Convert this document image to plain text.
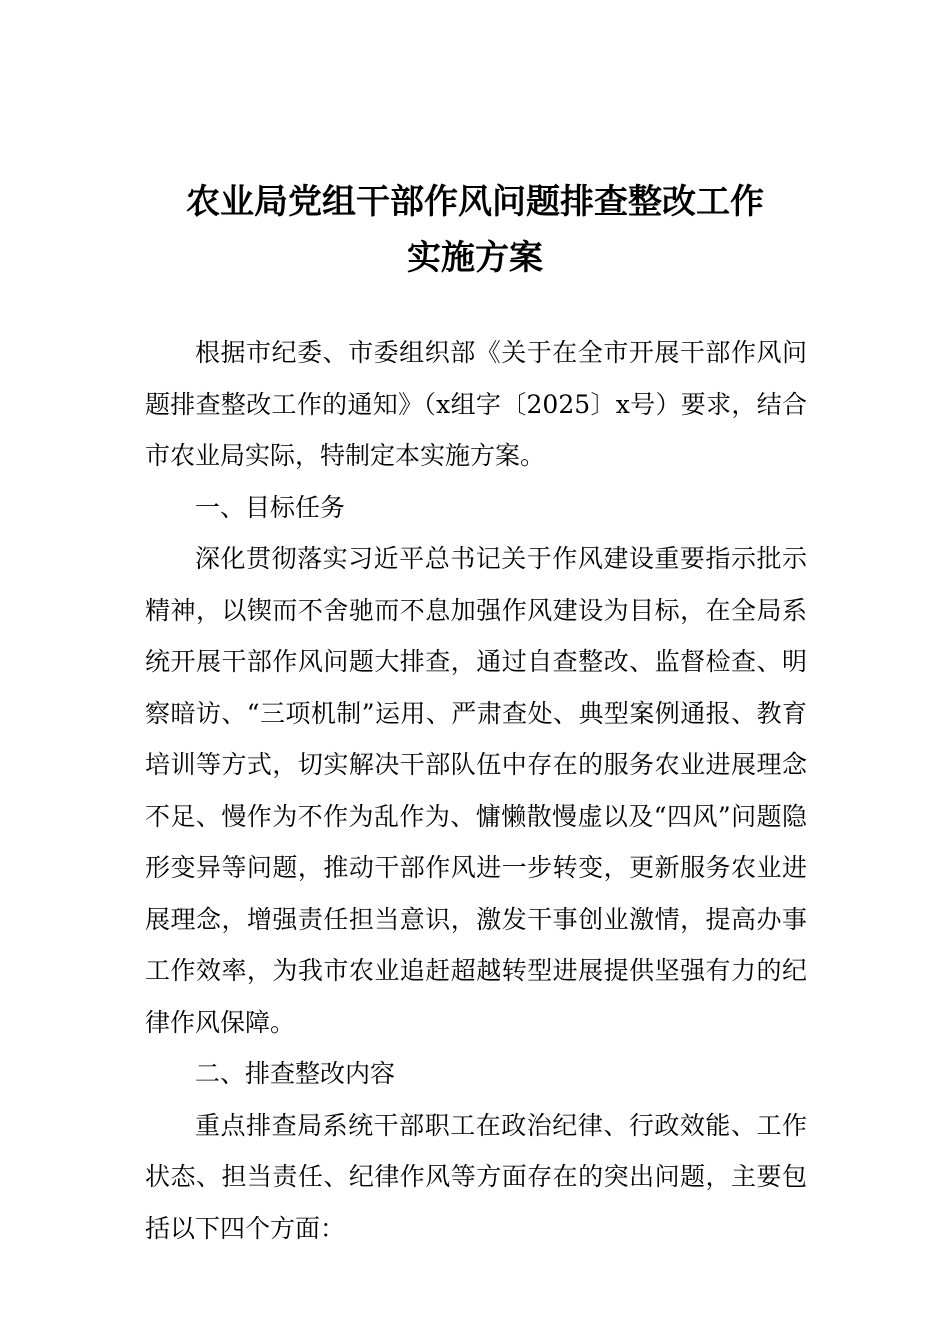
农业局党组干部作风问题排查整改工作
实施方案

根据市纪委、市委组织部《关于在全市开展干部作风问题排查整改工作的通知》（x组字〔2025〕x号）要求，结合市农业局实际，特制定本实施方案。

一、目标任务

深化贯彻落实习近平总书记关于作风建设重要指示批示精神，以锲而不舍驰而不息加强作风建设为目标，在全局系统开展干部作风问题大排查，通过自查整改、监督检查、明察暗访、“三项机制”运用、严肃查处、典型案例通报、教育培训等方式，切实解决干部队伍中存在的服务农业进展理念不足、慢作为不作为乱作为、慵懒散慢虚以及“四风”问题隐形变异等问题，推动干部作风进一步转变，更新服务农业进展理念，增强责任担当意识，激发干事创业激情，提高办事工作效率，为我市农业追赶超越转型进展提供坚强有力的纪律作风保障。

二、排查整改内容

重点排查局系统干部职工在政治纪律、行政效能、工作状态、担当责任、纪律作风等方面存在的突出问题，主要包括以下四个方面：
